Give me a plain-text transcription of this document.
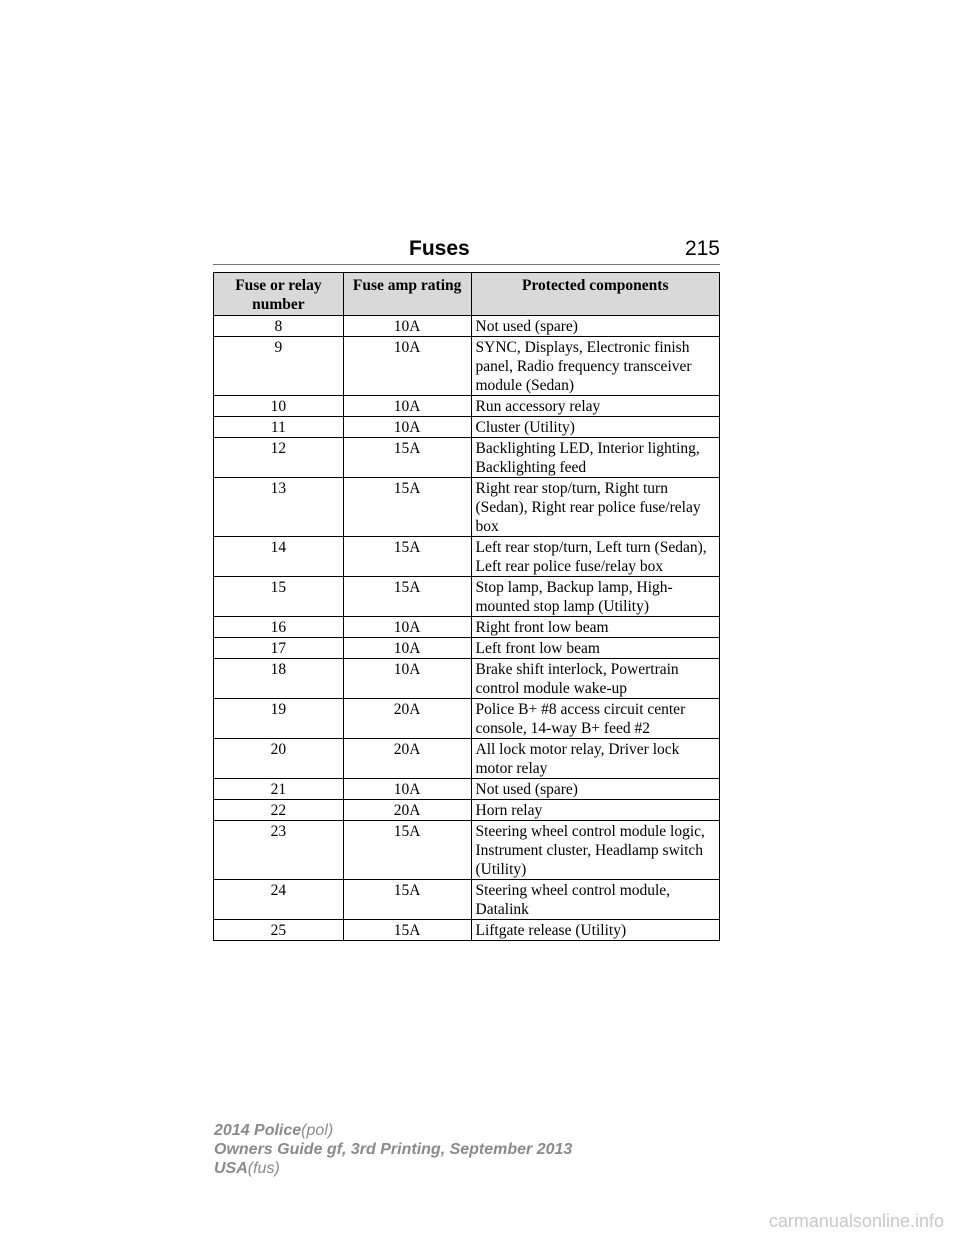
Fuses	215
Fuse or relay number	Fuse amp rating	Protected components
8	10A	Not used (spare)
9	10A	SYNC, Displays, Electronic finish panel, Radio frequency transceiver module (Sedan)
10	10A	Run accessory relay
11	10A	Cluster (Utility)
12	15A	Backlighting LED, Interior lighting, Backlighting feed
13	15A	Right rear stop/turn, Right turn (Sedan), Right rear police fuse/relay box
14	15A	Left rear stop/turn, Left turn (Sedan), Left rear police fuse/relay box
15	15A	Stop lamp, Backup lamp, High-mounted stop lamp (Utility)
16	10A	Right front low beam
17	10A	Left front low beam
18	10A	Brake shift interlock, Powertrain control module wake-up
19	20A	Police B+ #8 access circuit center console, 14-way B+ feed #2
20	20A	All lock motor relay, Driver lock motor relay
21	10A	Not used (spare)
22	20A	Horn relay
23	15A	Steering wheel control module logic, Instrument cluster, Headlamp switch (Utility)
24	15A	Steering wheel control module, Datalink
25	15A	Liftgate release (Utility)
2014 Police(pol)
Owners Guide gf, 3rd Printing, September 2013
USA(fus)
carmanualsonline.info
